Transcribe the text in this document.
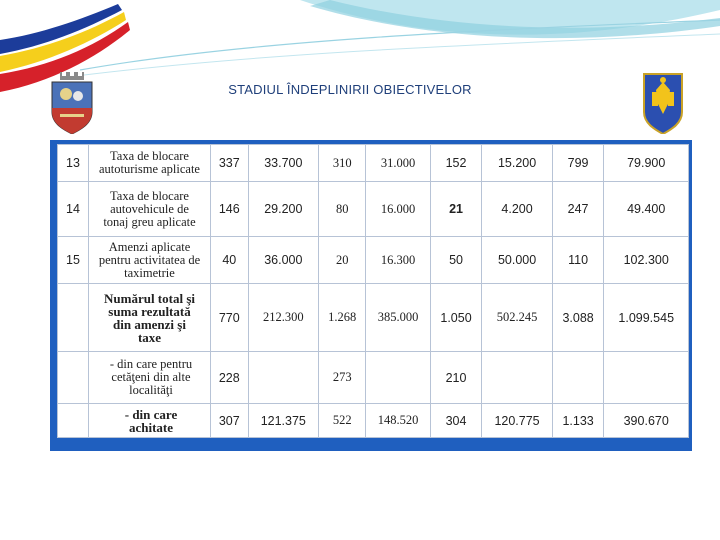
STADIUL ÎNDEPLINIRII OBIECTIVELOR
13	Taxa de blocare
autoturisme aplicate	337	33.700	310	31.000	152	15.200	799	79.900
14	Taxa de blocare
autovehicule de
tonaj greu aplicate	146	29.200	80	16.000	21	4.200	247	49.400
15	Amenzi aplicate
pentru activitatea de
taximetrie	40	36.000	20	16.300	50	50.000	110	102.300
	Numărul total şi
suma rezultată
din amenzi şi
taxe	770	212.300	1.268	385.000	1.050	502.245	3.088	1.099.545
	- din care pentru
cetăţeni din alte
localităţi	228		273		210			
	- din care
achitate	307	121.375	522	148.520	304	120.775	1.133	390.670
